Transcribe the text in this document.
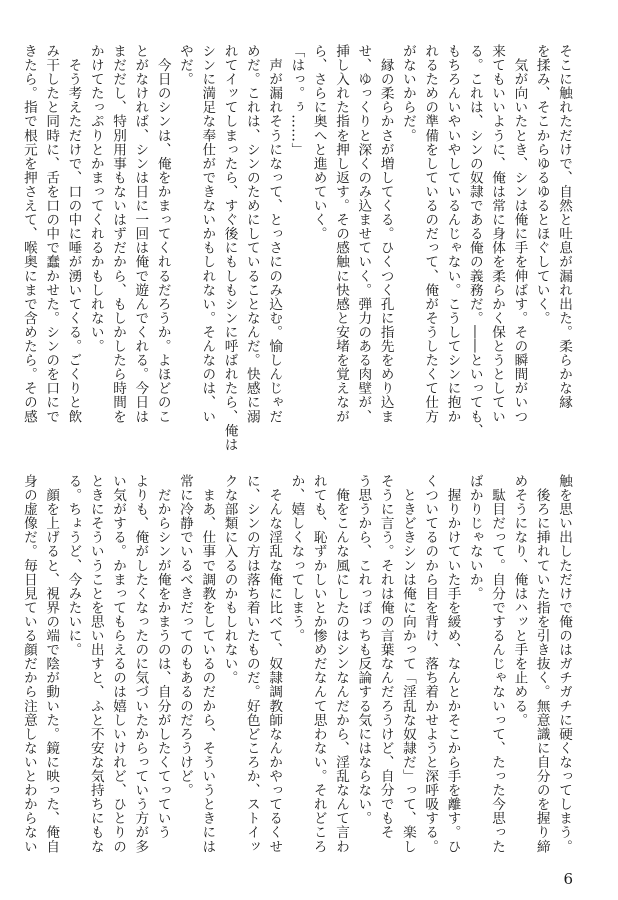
そこに触れただけで、自然と吐息が漏れ出た。柔らかな縁

を揉み、そこからゆるゆるとほぐしていく。

　気が向いたとき、シンは俺に手を伸ばす。その瞬間がいつ

来てもいいように、俺は常に身体を柔らかく保とうとしてい

る。これは、シンの奴隷である俺の義務だ。――といっても、

もちろんいやいやしているんじゃない。こうしてシンに抱か

れるための準備をしているのだって、俺がそうしたくて仕方

がないからだ。

　縁の柔らかさが増してくる。ひくつく孔に指先をめり込ま

せ、ゆっくりと深くのみ込ませていく。弾力のある肉壁が、

挿し入れた指を押し返す。その感触に快感と安堵を覚えなが

ら、さらに奥へと進めていく。

「はっ。ぅ……」

　声が漏れそうになって、とっさにのみ込む。愉しんじゃだ

めだ。これは、シンのためにしていることなんだ。快感に溺

れてイッてしまったら、すぐ後にもしもシンに呼ばれたら、俺は

シンに満足な奉仕ができないかもしれない。そんなのは、い

やだ。

　今日のシンは、俺をかまってくれるだろうか。よほどのこ

とがなければ、シンは日に一回は俺で遊んでくれる。今日は

まだだし、特別用事もないはずだから、もしかしたら時間を

かけてたっぷりとかまってくれるかもしれない。

　そう考えただけで、口の中に唾が湧いてくる。ごくりと飲

み干したと同時に、舌を口の中で蠢かせた。シンのを口にで

きたら。指で根元を押さえて、喉奥にまで含めたら。その感

触を思い出しただけで俺のはガチガチに硬くなってしまう。

　後ろに挿れていた指を引き抜く。無意識に自分のを握り締

めそうになり、俺はハッと手を止める。

　駄目だって。自分でするんじゃないって、たった今思った

ばかりじゃないか。

　握りかけていた手を緩め、なんとかそこから手を離す。ひ

くついてるのから目を背け、落ち着かせようと深呼吸する。

　ときどきシンは俺に向かって「淫乱な奴隷だ」って、楽し

そうに言う。それは俺の言葉なんだろうけど、自分でもそ

う思うから、これっぽっちも反論する気にはならない。

　俺をこんな風にしたのはシンなんだから、淫乱なんて言わ

れても、恥ずかしいとか惨めだなんて思わない。それどころ

か、嬉しくなってしまう。

　そんな淫乱な俺に比べて、奴隷調教師なんかやってるくせ

に、シンの方は落ち着いたものだ。好色どころか、ストイッ

クな部類に入るのかもしれない。

　まあ、仕事で調教をしているのだから、そういうときには

常に冷静でいるべきだってのもあるのだろうけど。

　だからシンが俺をかまうのは、自分がしたくてっていう

よりも、俺がしたくなったのに気づいたからっていう方が多

い気がする。かまってもらえるのは嬉しいけれど、ひとりの

ときにそういうことを思い出すと、ふと不安な気持ちにもな

る。ちょうど、今みたいに。

　顔を上げると、視界の端で陰が動いた。鏡に映った、俺自

身の虚像だ。毎日見ている顔だから注意しないとわからない

6
